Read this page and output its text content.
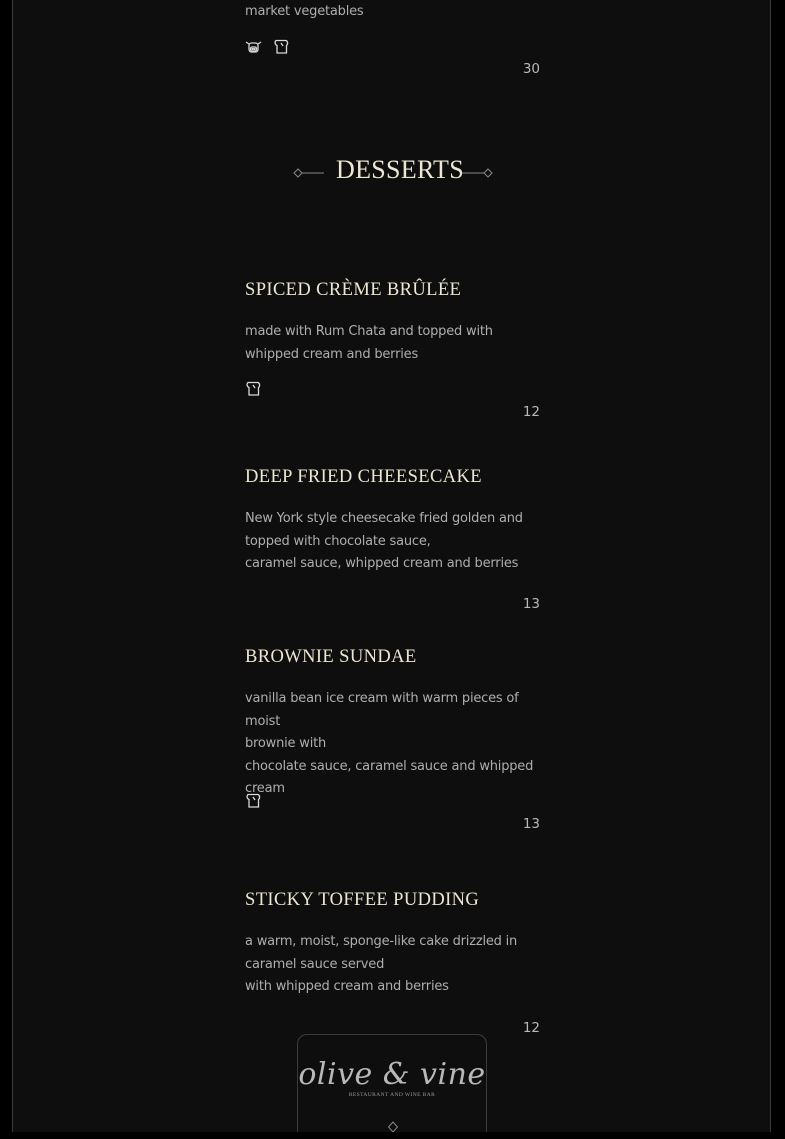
market vegetables
30
DESSERTS
SPICED CRÈME BRÛLÉE
made with Rum Chata and topped with
whipped cream and berries
12
DEEP FRIED CHEESECAKE
New York style cheesecake fried golden and
topped with chocolate sauce,
caramel sauce, whipped cream and berries
13
BROWNIE SUNDAE
vanilla bean ice cream with warm pieces of moist
brownie with
chocolate sauce, caramel sauce and whipped
cream
13
STICKY TOFFEE PUDDING
a warm, moist, sponge-like cake drizzled in
caramel sauce served
with whipped cream and berries
12
olive & vine
RESTAURANT AND WINE BAR
